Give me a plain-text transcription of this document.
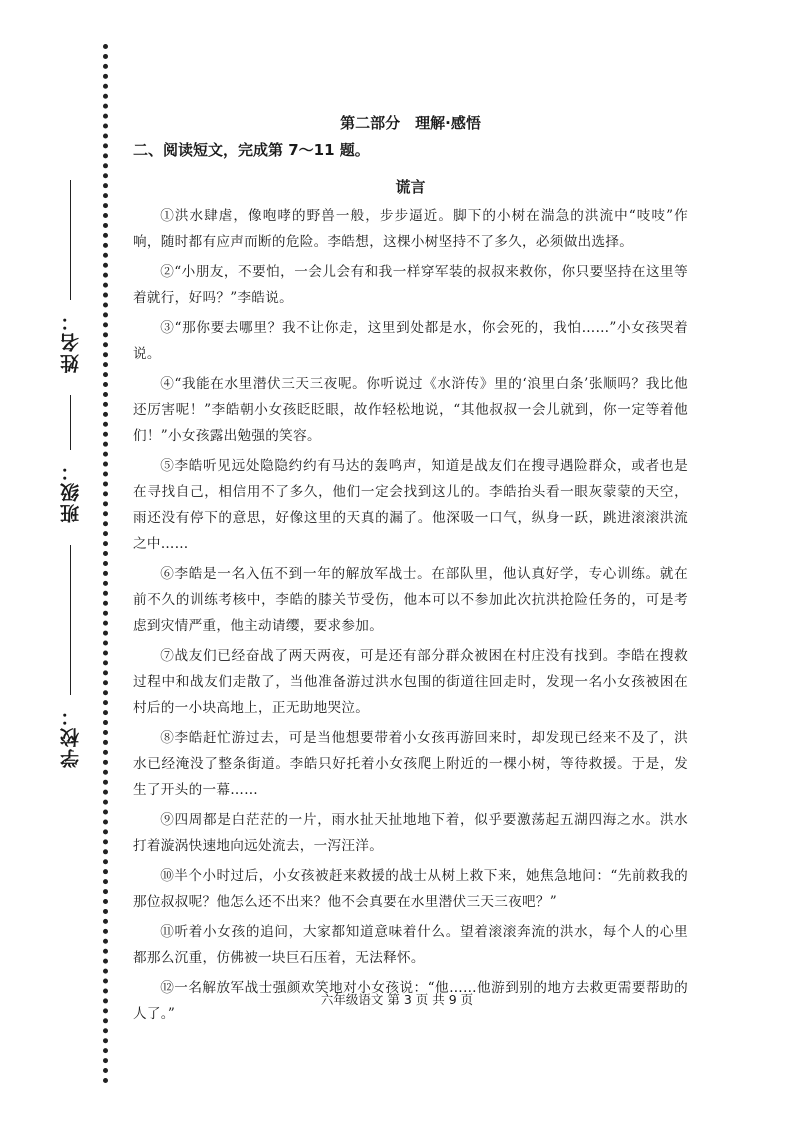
姓名：
班级：
学校：
第二部分　理解·感悟
二、阅读短文，完成第 7～11 题。
谎言

①洪水肆虐，像咆哮的野兽一般，步步逼近。脚下的小树在湍急的洪流中“吱吱”作响，随时都有应声而断的危险。李皓想，这棵小树坚持不了多久，必须做出选择。

②“小朋友，不要怕，一会儿会有和我一样穿军装的叔叔来救你，你只要坚持在这里等着就行，好吗？”李皓说。

③“那你要去哪里？我不让你走，这里到处都是水，你会死的，我怕……”小女孩哭着说。

④“我能在水里潜伏三天三夜呢。你听说过《水浒传》里的‘浪里白条’张顺吗？我比他还厉害呢！”李皓朝小女孩眨眨眼，故作轻松地说，“其他叔叔一会儿就到，你一定等着他们！”小女孩露出勉强的笑容。

⑤李皓听见远处隐隐约约有马达的轰鸣声，知道是战友们在搜寻遇险群众，或者也是在寻找自己，相信用不了多久，他们一定会找到这儿的。李皓抬头看一眼灰蒙蒙的天空，雨还没有停下的意思，好像这里的天真的漏了。他深吸一口气，纵身一跃，跳进滚滚洪流之中……

⑥李皓是一名入伍不到一年的解放军战士。在部队里，他认真好学，专心训练。就在前不久的训练考核中，李皓的膝关节受伤，他本可以不参加此次抗洪抢险任务的，可是考虑到灾情严重，他主动请缨，要求参加。

⑦战友们已经奋战了两天两夜，可是还有部分群众被困在村庄没有找到。李皓在搜救过程中和战友们走散了，当他准备游过洪水包围的街道往回走时，发现一名小女孩被困在村后的一小块高地上，正无助地哭泣。

⑧李皓赶忙游过去，可是当他想要带着小女孩再游回来时，却发现已经来不及了，洪水已经淹没了整条街道。李皓只好托着小女孩爬上附近的一棵小树，等待救援。于是，发生了开头的一幕……

⑨四周都是白茫茫的一片，雨水扯天扯地地下着，似乎要激荡起五湖四海之水。洪水打着漩涡快速地向远处流去，一泻汪洋。

⑩半个小时过后，小女孩被赶来救援的战士从树上救下来，她焦急地问：“先前救我的那位叔叔呢？他怎么还不出来？他不会真要在水里潜伏三天三夜吧？”

⑪听着小女孩的追问，大家都知道意味着什么。望着滚滚奔流的洪水，每个人的心里都那么沉重，仿佛被一块巨石压着，无法释怀。

⑫一名解放军战士强颜欢笑地对小女孩说：“他……他游到别的地方去救更需要帮助的人了。”

六年级语文 第 3 页 共 9 页
